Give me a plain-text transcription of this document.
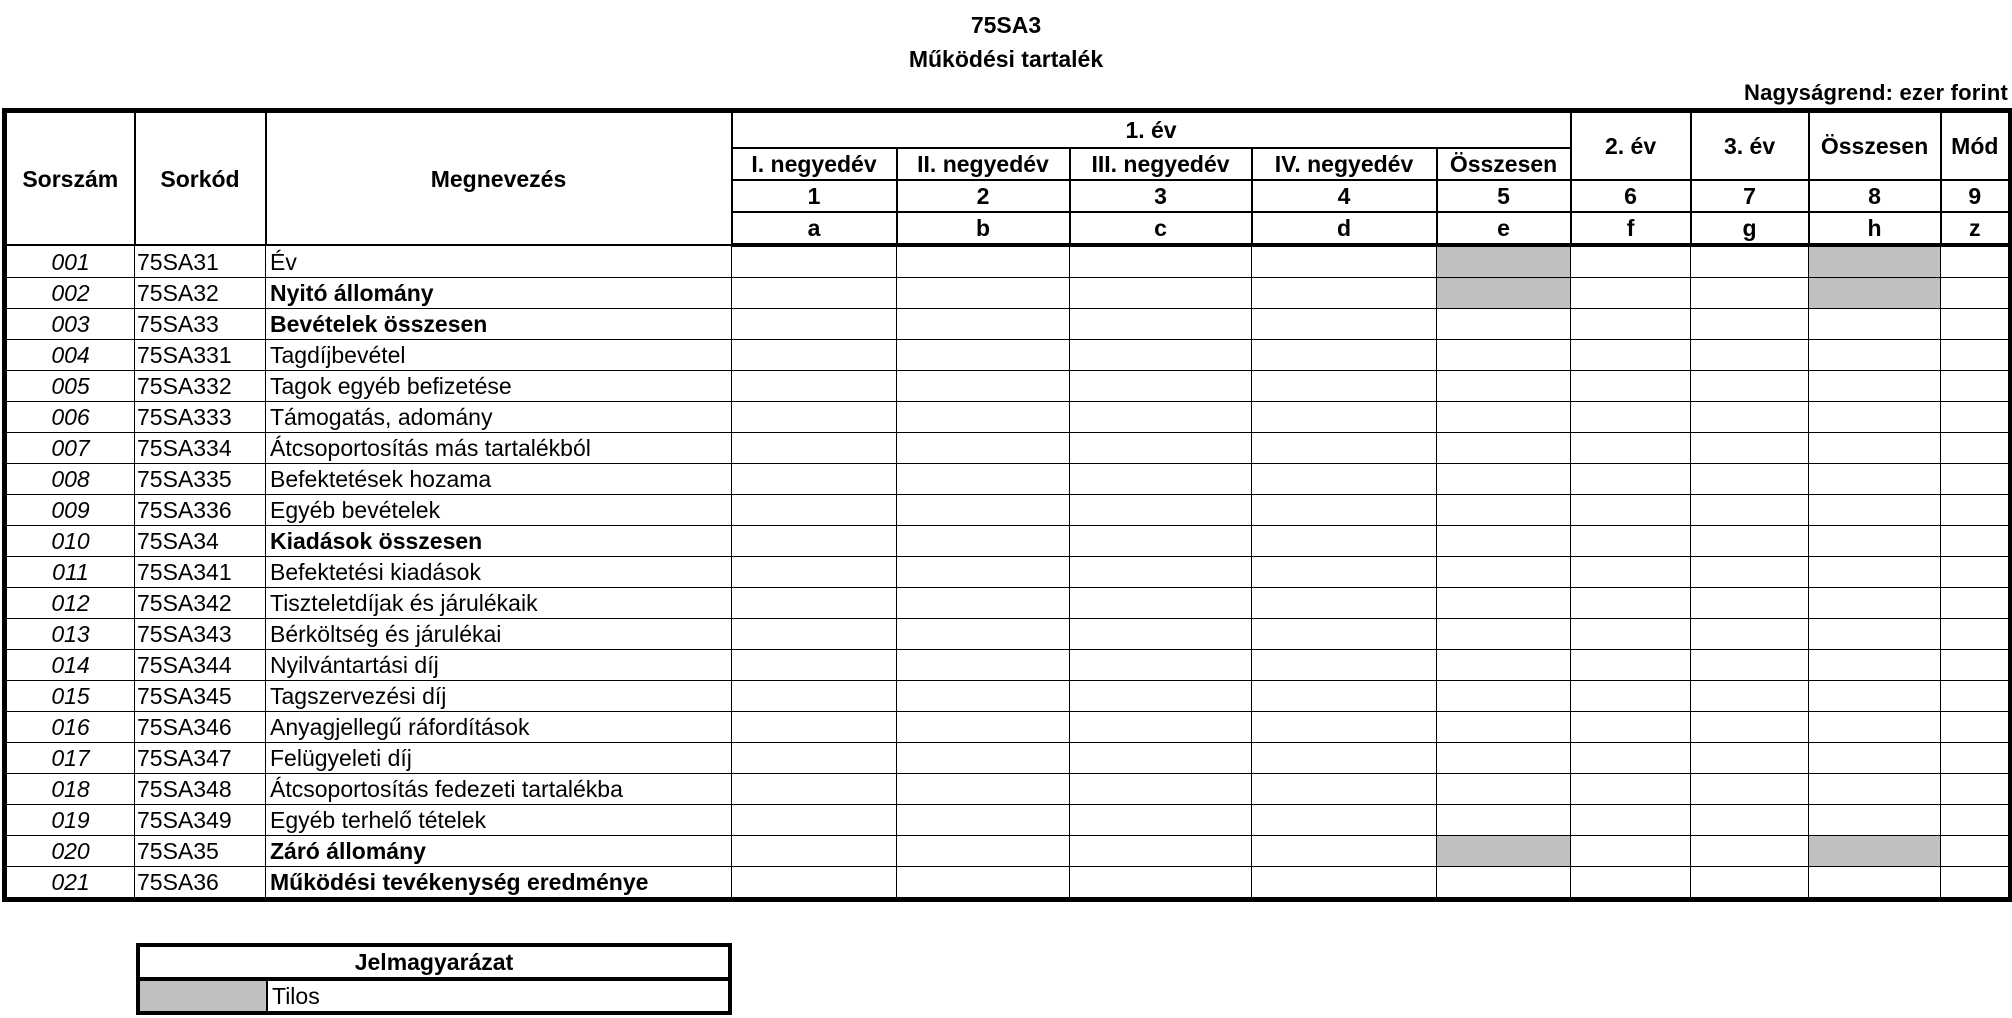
75SA3
Működési tartalék
Nagyságrend: ezer forint
Sorszám	Sorkód	Megnevezés	1. év					2. év	3. év	Összesen	Mód
			I. negyedév	II. negyedév	III. negyedév	IV. negyedév	Összesen				
			1	2	3	4	5	6	7	8	9
			a	b	c	d	e	f	g	h	z
001	75SA31	Év									
002	75SA32	Nyitó állomány									
003	75SA33	Bevételek összesen									
004	75SA331	Tagdíjbevétel									
005	75SA332	Tagok egyéb befizetése									
006	75SA333	Támogatás, adomány									
007	75SA334	Átcsoportosítás más tartalékból									
008	75SA335	Befektetések hozama									
009	75SA336	Egyéb bevételek									
010	75SA34	Kiadások összesen									
011	75SA341	Befektetési kiadások									
012	75SA342	Tiszteletdíjak és járulékaik									
013	75SA343	Bérköltség és járulékai									
014	75SA344	Nyilvántartási díj									
015	75SA345	Tagszervezési díj									
016	75SA346	Anyagjellegű ráfordítások									
017	75SA347	Felügyeleti díj									
018	75SA348	Átcsoportosítás fedezeti tartalékba									
019	75SA349	Egyéb terhelő tételek									
020	75SA35	Záró állomány									
021	75SA36	Működési tevékenység eredménye									
Jelmagyarázat
	Tilos
